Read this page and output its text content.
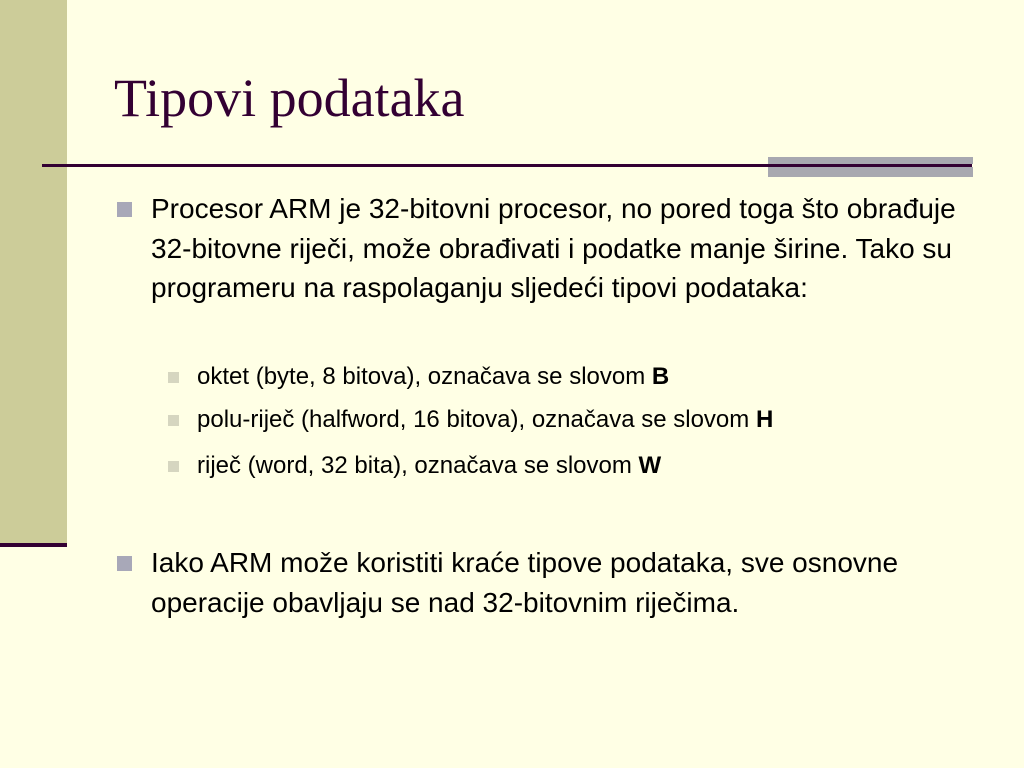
Tipovi podataka

Procesor ARM je 32-bitovni procesor, no pored toga što obrađuje 32-bitovne riječi, može obrađivati i podatke manje širine. Tako su programeru na raspolaganju sljedeći tipovi podataka:

oktet (byte, 8 bitova), označava se slovom B

polu-riječ (halfword, 16 bitova), označava se slovom H

riječ (word, 32 bita), označava se slovom W

Iako ARM može koristiti kraće tipove podataka, sve osnovne operacije obavljaju se nad 32-bitovnim riječima.
